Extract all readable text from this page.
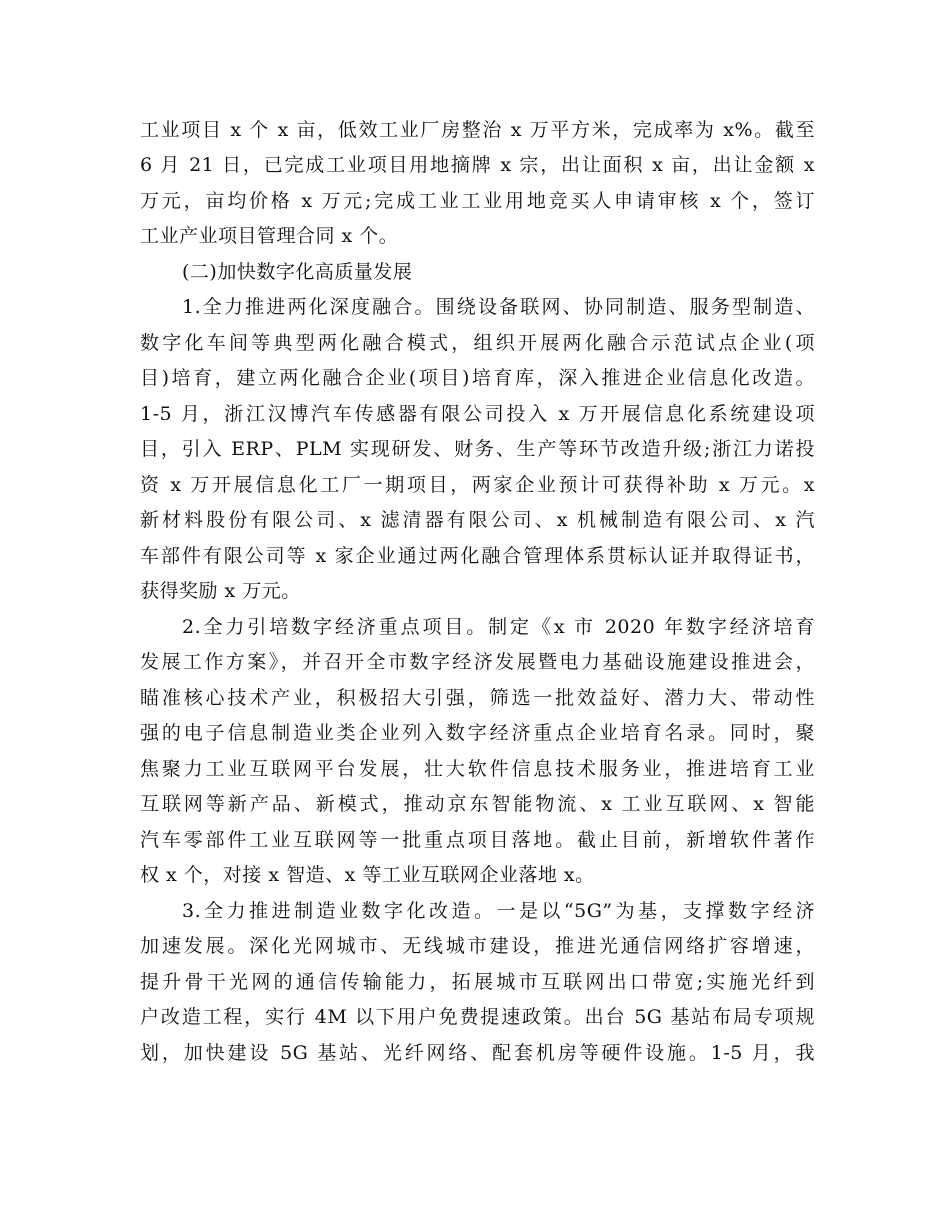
工业项目 x 个 x 亩，低效工业厂房整治 x 万平方米，完成率为 x%。截至
6 月 21 日，已完成工业项目用地摘牌 x 宗，出让面积 x 亩，出让金额 x
万元，亩均价格 x 万元;完成工业工业用地竞买人申请审核 x 个，签订
工业产业项目管理合同 x 个。
(二)加快数字化高质量发展
1.全力推进两化深度融合。围绕设备联网、协同制造、服务型制造、
数字化车间等典型两化融合模式，组织开展两化融合示范试点企业(项
目)培育，建立两化融合企业(项目)培育库，深入推进企业信息化改造。
1-5 月，浙江汉博汽车传感器有限公司投入 x 万开展信息化系统建设项
目，引入 ERP、PLM 实现研发、财务、生产等环节改造升级;浙江力诺投
资 x 万开展信息化工厂一期项目，两家企业预计可获得补助 x 万元。x
新材料股份有限公司、x 滤清器有限公司、x 机械制造有限公司、x 汽
车部件有限公司等 x 家企业通过两化融合管理体系贯标认证并取得证书，
获得奖励 x 万元。
2.全力引培数字经济重点项目。制定《x 市 2020 年数字经济培育
发展工作方案》，并召开全市数字经济发展暨电力基础设施建设推进会，
瞄准核心技术产业，积极招大引强，筛选一批效益好、潜力大、带动性
强的电子信息制造业类企业列入数字经济重点企业培育名录。同时，聚
焦聚力工业互联网平台发展，壮大软件信息技术服务业，推进培育工业
互联网等新产品、新模式，推动京东智能物流、x 工业互联网、x 智能
汽车零部件工业互联网等一批重点项目落地。截止目前，新增软件著作
权 x 个，对接 x 智造、x 等工业互联网企业落地 x。
3.全力推进制造业数字化改造。一是以“5G”为基，支撑数字经济
加速发展。深化光网城市、无线城市建设，推进光通信网络扩容增速，
提升骨干光网的通信传输能力，拓展城市互联网出口带宽;实施光纤到
户改造工程，实行 4M 以下用户免费提速政策。出台 5G 基站布局专项规
划，加快建设 5G 基站、光纤网络、配套机房等硬件设施。1-5 月，我
